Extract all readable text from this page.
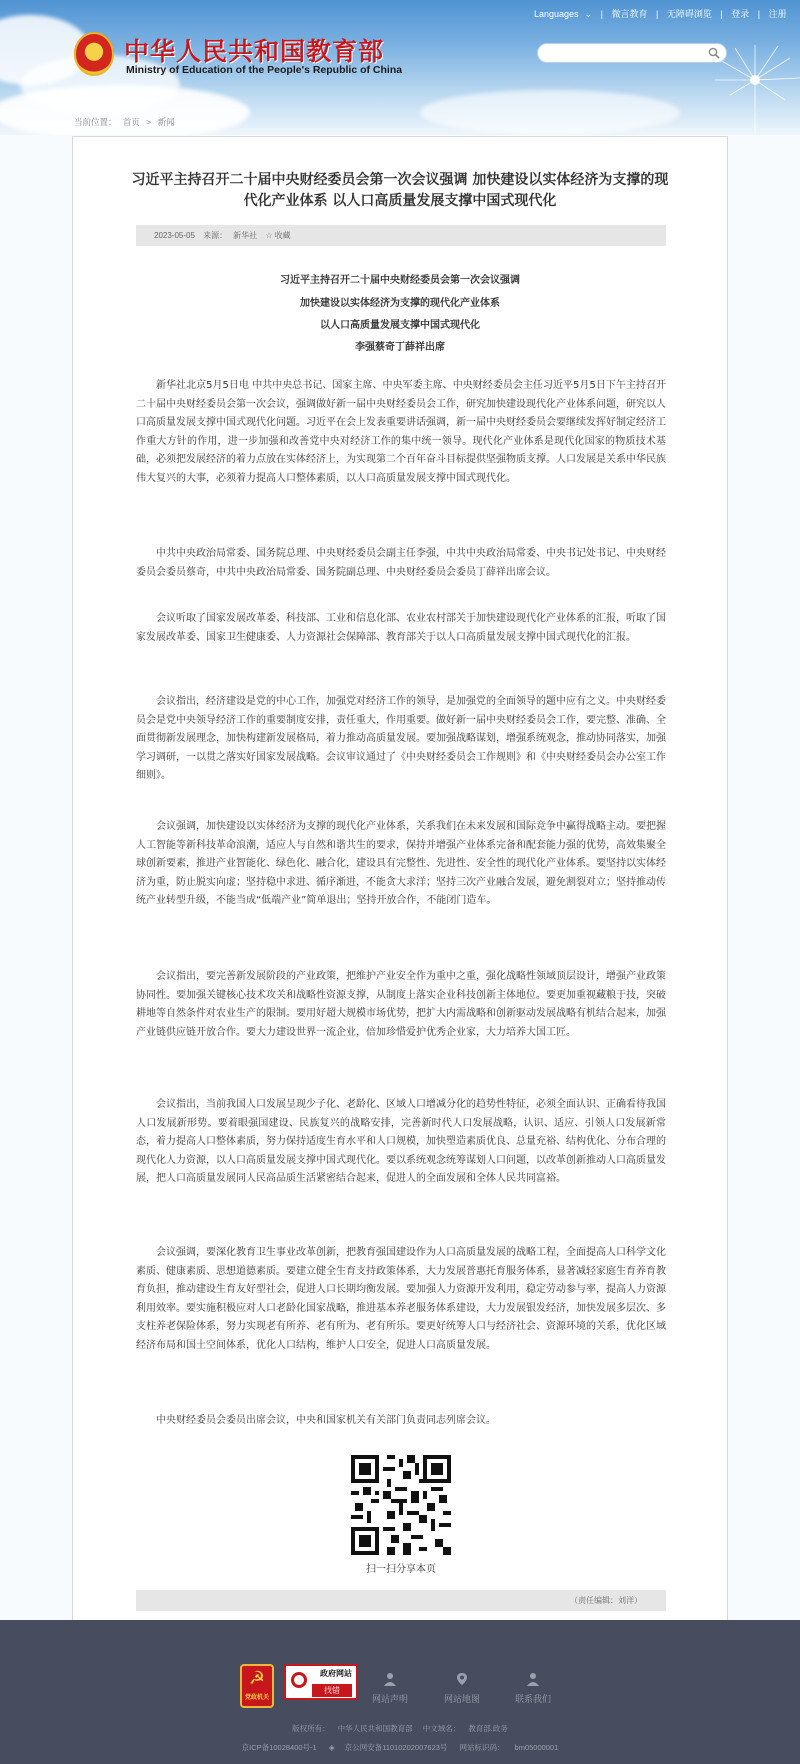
中华人民共和国教育部
Ministry of Education of the People's Republic of China
Languages ⌄ | 微言教育 | 无障碍浏览 | 登录 | 注册
当前位置： 首页 > 新闻
习近平主持召开二十届中央财经委员会第一次会议强调 加快建设以实体经济为支撑的现代化产业体系 以人口高质量发展支撑中国式现代化
2023-05-05 来源： 新华社 ☆ 收藏
习近平主持召开二十届中央财经委员会第一次会议强调
加快建设以实体经济为支撑的现代化产业体系
以人口高质量发展支撑中国式现代化
李强蔡奇丁薛祥出席

新华社北京5月5日电 中共中央总书记、国家主席、中央军委主席、中央财经委员会主任习近平5月5日下午主持召开二十届中央财经委员会第一次会议，强调做好新一届中央财经委员会工作，研究加快建设现代化产业体系问题，研究以人口高质量发展支撑中国式现代化问题。习近平在会上发表重要讲话强调，新一届中央财经委员会要继续发挥好制定经济工作重大方针的作用，进一步加强和改善党中央对经济工作的集中统一领导。现代化产业体系是现代化国家的物质技术基础，必须把发展经济的着力点放在实体经济上，为实现第二个百年奋斗目标提供坚强物质支撑。人口发展是关系中华民族伟大复兴的大事，必须着力提高人口整体素质，以人口高质量发展支撑中国式现代化。

中共中央政治局常委、国务院总理、中央财经委员会副主任李强，中共中央政治局常委、中央书记处书记、中央财经委员会委员蔡奇，中共中央政治局常委、国务院副总理、中央财经委员会委员丁薛祥出席会议。

会议听取了国家发展改革委、科技部、工业和信息化部、农业农村部关于加快建设现代化产业体系的汇报，听取了国家发展改革委、国家卫生健康委、人力资源社会保障部、教育部关于以人口高质量发展支撑中国式现代化的汇报。

会议指出，经济建设是党的中心工作，加强党对经济工作的领导，是加强党的全面领导的题中应有之义。中央财经委员会是党中央领导经济工作的重要制度安排，责任重大，作用重要。做好新一届中央财经委员会工作，要完整、准确、全面贯彻新发展理念，加快构建新发展格局，着力推动高质量发展。要加强战略谋划，增强系统观念，推动协同落实，加强学习调研，一以贯之落实好国家发展战略。会议审议通过了《中央财经委员会工作规则》和《中央财经委员会办公室工作细则》。

会议强调，加快建设以实体经济为支撑的现代化产业体系，关系我们在未来发展和国际竞争中赢得战略主动。要把握人工智能等新科技革命浪潮，适应人与自然和谐共生的要求，保持并增强产业体系完备和配套能力强的优势，高效集聚全球创新要素，推进产业智能化、绿色化、融合化，建设具有完整性、先进性、安全性的现代化产业体系。要坚持以实体经济为重，防止脱实向虚；坚持稳中求进、循序渐进，不能贪大求洋；坚持三次产业融合发展，避免割裂对立；坚持推动传统产业转型升级，不能当成“低端产业”简单退出；坚持开放合作，不能闭门造车。

会议指出，要完善新发展阶段的产业政策，把维护产业安全作为重中之重，强化战略性领域顶层设计，增强产业政策协同性。要加强关键核心技术攻关和战略性资源支撑，从制度上落实企业科技创新主体地位。要更加重视藏粮于技，突破耕地等自然条件对农业生产的限制。要用好超大规模市场优势，把扩大内需战略和创新驱动发展战略有机结合起来，加强产业链供应链开放合作。要大力建设世界一流企业，倍加珍惜爱护优秀企业家，大力培养大国工匠。

会议指出，当前我国人口发展呈现少子化、老龄化、区域人口增减分化的趋势性特征，必须全面认识、正确看待我国人口发展新形势。要着眼强国建设、民族复兴的战略安排，完善新时代人口发展战略，认识、适应、引领人口发展新常态，着力提高人口整体素质，努力保持适度生育水平和人口规模，加快塑造素质优良、总量充裕、结构优化、分布合理的现代化人力资源，以人口高质量发展支撑中国式现代化。要以系统观念统筹谋划人口问题，以改革创新推动人口高质量发展，把人口高质量发展同人民高品质生活紧密结合起来，促进人的全面发展和全体人民共同富裕。

会议强调，要深化教育卫生事业改革创新，把教育强国建设作为人口高质量发展的战略工程，全面提高人口科学文化素质、健康素质、思想道德素质。要建立健全生育支持政策体系，大力发展普惠托育服务体系，显著减轻家庭生育养育教育负担，推动建设生育友好型社会，促进人口长期均衡发展。要加强人力资源开发利用，稳定劳动参与率，提高人力资源利用效率。要实施积极应对人口老龄化国家战略，推进基本养老服务体系建设，大力发展银发经济，加快发展多层次、多支柱养老保险体系，努力实现老有所养、老有所为、老有所乐。要更好统筹人口与经济社会、资源环境的关系，优化区域经济布局和国土空间体系，优化人口结构，维护人口安全，促进人口高质量发展。

中央财经委员会委员出席会议，中央和国家机关有关部门负责同志列席会议。

扫一扫分享本页
（责任编辑：刘洋）
☭
党政机关
政府网站
找错
网站声明	网站地图	联系我们
版权所有： 中华人民共和国教育部 中文域名： 教育部.政务
京ICP备10028400号-1 ◈ 京公网安备11010202007623号 网站标识码： bm05000001
